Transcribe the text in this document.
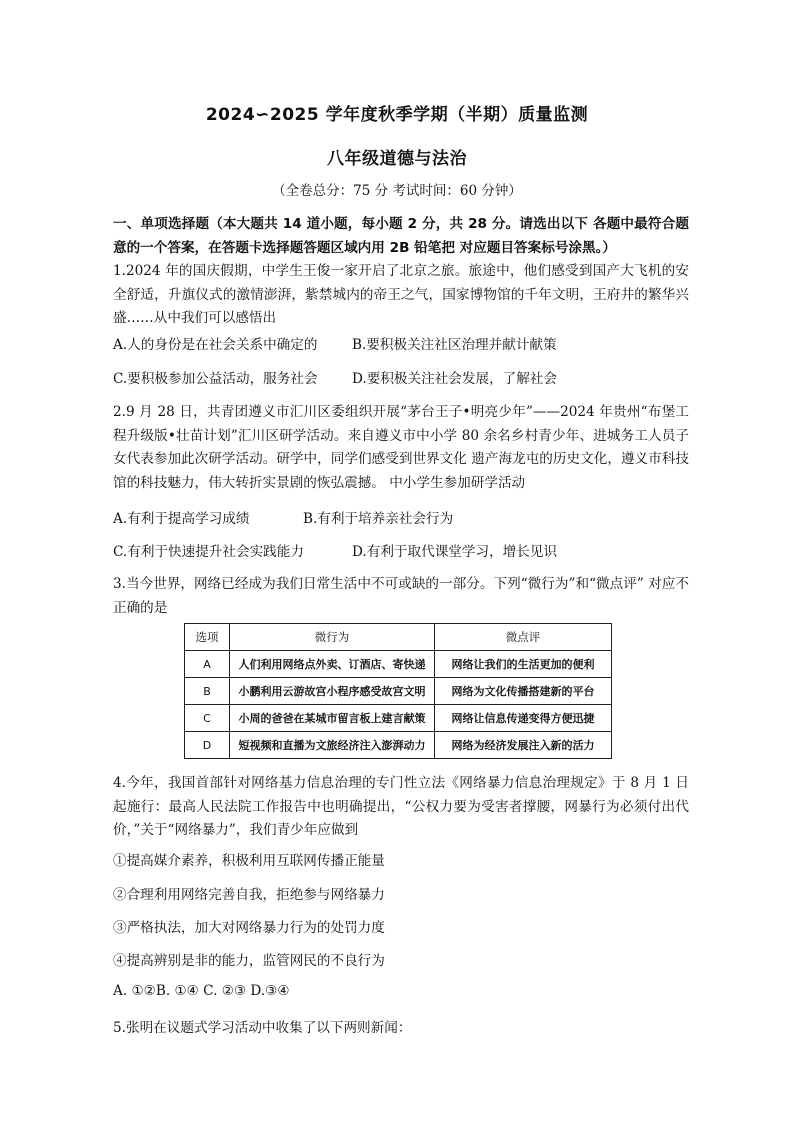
2024∽2025 学年度秋季学期（半期）质量监测
八年级道德与法治
（全卷总分：75 分 考试时间：60 分钟）
一、单项选择题（本大题共 14 道小题，每小题 2 分，共 28 分。请选出以下 各题中最符合题意的一个答案，在答题卡选择题答题区域内用 2B 铅笔把 对应题目答案标号涂黑。）
1.2024 年的国庆假期，中学生王俊一家开启了北京之旅。旅途中，他们感受到国产大飞机的安全舒适，升旗仪式的激情澎湃，紫禁城内的帝王之气，国家博物馆的千年文明，王府井的繁华兴盛……从中我们可以感悟出
A.人的身份是在社会关系中确定的	B.要积极关注社区治理并献计献策
C.要积极参加公益活动，服务社会	D.要积极关注社会发展，了解社会
2.9 月 28 日，共青团遵义市汇川区委组织开展“茅台王子•明亮少年”——2024 年贵州“布堡工程升级版•壮苗计划”汇川区研学活动。来自遵义市中小学 80 余名乡村青少年、进城务工人员子女代表参加此次研学活动。研学中，同学们感受到世界文化 遗产海龙屯的历史文化，遵义市科技馆的科技魅力，伟大转折实景剧的恢弘震撼。 中小学生参加研学活动
A.有利于提高学习成绩	B.有利于培养亲社会行为
C.有利于快速提升社会实践能力	D.有利于取代课堂学习，增长见识
3.当今世界，网络已经成为我们日常生活中不可或缺的一部分。下列“微行为”和“微点评” 对应不正确的是
选项	微行为	微点评
A	人们利用网络点外卖、订酒店、寄快递	网络让我们的生活更加的便利
B	小鹏利用云游故宫小程序感受故宫文明	网络为文化传播搭建新的平台
C	小周的爸爸在某城市留言板上建言献策	网络让信息传递变得方便迅捷
D	短视频和直播为文旅经济注入澎湃动力	网络为经济发展注入新的活力
4.今年，我国首部针对网络基力信息治理的专门性立法《网络暴力信息治理规定》于 8 月 1 日起施行：最高人民法院工作报告中也明确提出，“公权力要为受害者撑腰，网暴行为必须付出代价，”关于“网络暴力”，我们青少年应做到
①提高媒介素养，积极利用互联网传播正能量
②合理利用网络完善自我，拒绝参与网络暴力
③严格执法，加大对网络暴力行为的处罚力度
④提高辨别是非的能力，监管网民的不良行为
A. ①②B. ①④ C. ②③ D.③④
5.张明在议题式学习活动中收集了以下两则新闻：
